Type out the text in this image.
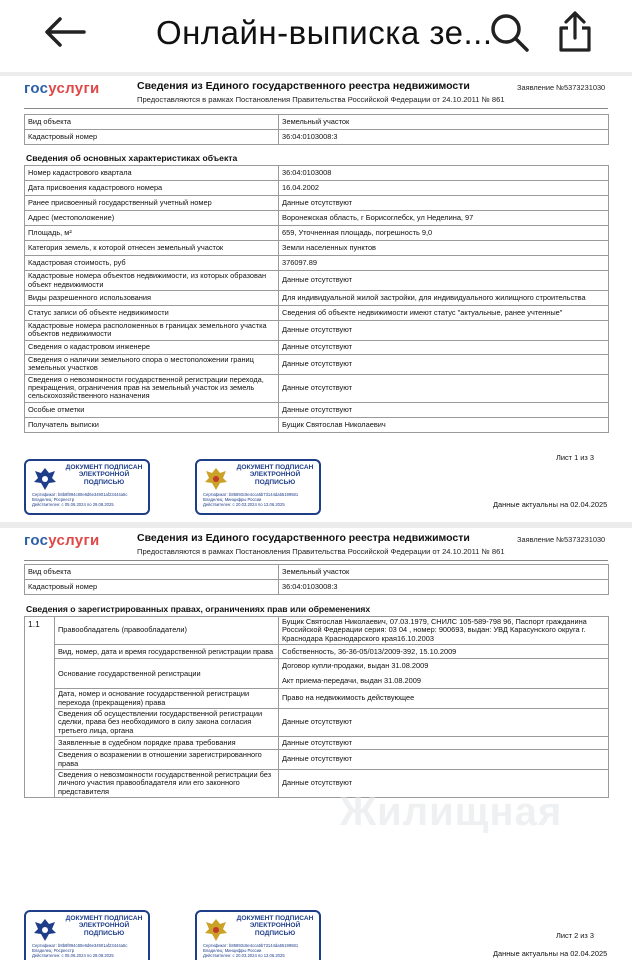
Онлайн-выписка зе...
госуслуги	Сведения из Единого государственного реестра недвижимости
Предоставляются в рамках Постановления Правительства Российской Федерации от 24.10.2011 № 861
Заявление №5373231030
Вид объекта	Земельный участок
Кадастровый номер	36:04:0103008:3
Сведения об основных характеристиках объекта
Номер кадастрового квартала	36:04:0103008
Дата присвоения кадастрового номера	16.04.2002
Ранее присвоенный государственный учетный номер	Данные отсутствуют
Адрес (местоположение)	Воронежская область, г Борисоглебск, ул Неделина, 97
Площадь, м²	659, Уточненная площадь, погрешность 9,0
Категория земель, к которой отнесен земельный участок	Земли населенных пунктов
Кадастровая стоимость, руб	376097.89
Кадастровые номера объектов недвижимости, из которых образован объект недвижимости	Данные отсутствуют
Виды разрешенного использования	Для индивидуальной жилой застройки, для индивидуального жилищного строительства
Статус записи об объекте недвижимости	Сведения об объекте недвижимости имеют статус "актуальные, ранее учтенные"
Кадастровые номера расположенных в границах земельного участка объектов недвижимости	Данные отсутствуют
Сведения о кадастровом инженере	Данные отсутствуют
Сведения о наличии земельного спора о местоположении границ земельных участков	Данные отсутствуют
Сведения о невозможности государственной регистрации перехода, прекращения, ограничения прав на земельный участок из земель сельскохозяйственного назначения	Данные отсутствуют
Особые отметки	Данные отсутствуют
Получатель выписки	Бущик Святослав Николаевич
ДОКУМЕНТ ПОДПИСАН ЭЛЕКТРОННОЙ ПОДПИСЬЮ
Сертификат: b8b8f894c80e8d6e34901af23444a5c
Владелец: Росреестр
Действителен: с 05.06.2024 по 29.08.2025
ДОКУМЕНТ ПОДПИСАН ЭЛЕКТРОННОЙ ПОДПИСЬЮ
Сертификат: b85893c8e4cca5b73144da55199581
Владелец: Минцифры России
Действителен: с 20.03.2024 по 13.06.2025
Лист 1 из 3
Данные актуальны на 02.04.2025
госуслуги	Сведения из Единого государственного реестра недвижимости
Предоставляются в рамках Постановления Правительства Российской Федерации от 24.10.2011 № 861
Заявление №5373231030
Вид объекта	Земельный участок
Кадастровый номер	36:04:0103008:3
Сведения о зарегистрированных правах, ограничениях прав или обременениях
1.1	Правообладатель (правообладатели)	Бущик Святослав Николаевич, 07.03.1979, СНИЛС 105-589-798 96, Паспорт гражданина Российской Федерации серия: 03 04 , номер: 900693, выдан: УВД Карасунского округа г. Краснодара Краснодарского края16.10.2003
	Вид, номер, дата и время государственной регистрации права	Собственность, 36-36-05/013/2009-392, 15.10.2009
	Основание государственной регистрации	Договор купли-продажи, выдан 31.08.2009
Акт приема-передачи, выдан 31.08.2009

	Дата, номер и основание государственной регистрации перехода (прекращения) права	Право на недвижимость действующее
	Сведения об осуществлении государственной регистрации сделки, права без необходимого в силу закона согласия третьего лица, органа	Данные отсутствуют
	Заявленные в судебном порядке права требования	Данные отсутствуют
	Сведения о возражении в отношении зарегистрированного права	Данные отсутствуют
	Сведения о невозможности государственной регистрации без личного участия правообладателя или его законного представителя	Данные отсутствуют
ДОКУМЕНТ ПОДПИСАН ЭЛЕКТРОННОЙ ПОДПИСЬЮ
Сертификат: b8b8f894c80e8d6e34901af23444a5c
Владелец: Росреестр
Действителен: с 05.06.2024 по 29.08.2025
ДОКУМЕНТ ПОДПИСАН ЭЛЕКТРОННОЙ ПОДПИСЬЮ
Сертификат: b85893c8e4cca5b73144da55199581
Владелец: Минцифры России
Действителен: с 20.03.2024 по 13.06.2025
Лист 2 из 3
Данные актуальны на 02.04.2025
Жилищная
